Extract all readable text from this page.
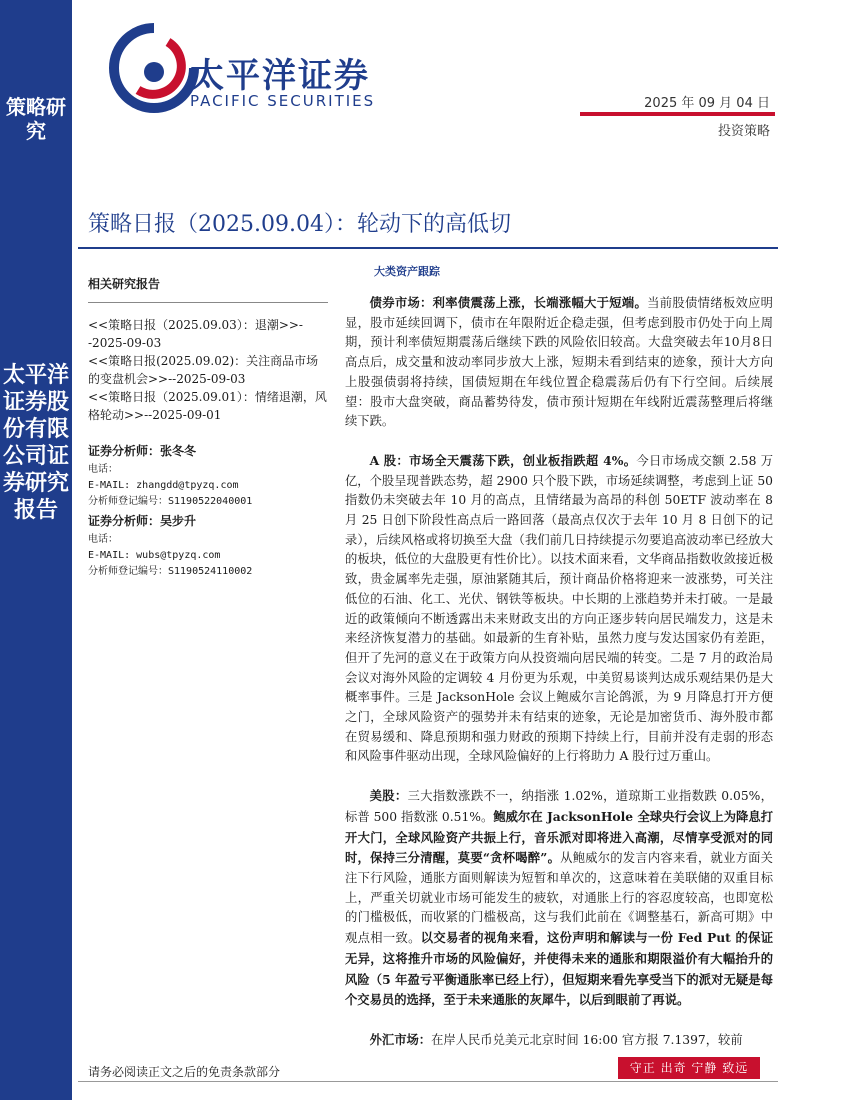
策略研究
太平洋证券股份有限公司证券研究报告
太平洋证券
PACIFIC SECURITIES	2025 年 09 月 04 日
投资策略
策略日报（2025.09.04）：轮动下的高低切
相关研究报告
<<策略日报（2025.09.03）：退潮>>--2025-09-03
<<策略日报(2025.09.02)：关注商品市场的变盘机会>>--2025-09-03
<<策略日报（2025.09.01）：情绪退潮，风格轮动>>--2025-09-01
证券分析师：张冬冬
电话：
E-MAIL: zhangdd@tpyzq.com
分析师登记编号：S1190522040001
证券分析师：吴步升
电话：
E-MAIL: wubs@tpyzq.com
分析师登记编号：S1190524110002
大类资产跟踪

债券市场：利率债震荡上涨，长端涨幅大于短端。当前股债情绪板效应明显，股市延续回调下，债市在年限附近企稳走强，但考虑到股市仍处于向上周期，预计利率债短期震荡后继续下跌的风险依旧较高。大盘突破去年10月8日高点后，成交量和波动率同步放大上涨，短期未看到结束的迹象，预计大方向上股强债弱将持续，国债短期在年线位置企稳震荡后仍有下行空间。后续展望：股市大盘突破，商品蓄势待发，债市预计短期在年线附近震荡整理后将继续下跌。

A 股：市场全天震荡下跌，创业板指跌超 4%。今日市场成交额 2.58 万亿，个股呈现普跌态势，超 2900 只个股下跌，市场延续调整，考虑到上证 50 指数仍未突破去年 10 月的高点，且情绪最为高昂的科创 50ETF 波动率在 8 月 25 日创下阶段性高点后一路回落（最高点仅次于去年 10 月 8 日创下的记录），后续风格或将切换至大盘（我们前几日持续提示勿要追高波动率已经放大的板块，低位的大盘股更有性价比）。以技术面来看，文华商品指数收敛接近极致，贵金属率先走强，原油紧随其后，预计商品价格将迎来一波涨势，可关注低位的石油、化工、光伏、钢铁等板块。中长期的上涨趋势并未打破。一是最近的政策倾向不断透露出未来财政支出的方向正逐步转向居民端发力，这是未来经济恢复潜力的基础。如最新的生育补贴，虽然力度与发达国家仍有差距，但开了先河的意义在于政策方向从投资端向居民端的转变。二是 7 月的政治局会议对海外风险的定调较 4 月份更为乐观，中美贸易谈判达成乐观结果仍是大概率事件。三是 JacksonHole 会议上鲍威尔言论鸽派，为 9 月降息打开方便之门，全球风险资产的强势并未有结束的迹象，无论是加密货币、海外股市都在贸易缓和、降息预期和强力财政的预期下持续上行，目前并没有走弱的形态和风险事件驱动出现，全球风险偏好的上行将助力 A 股行过万重山。

美股：三大指数涨跌不一，纳指涨 1.02%，道琼斯工业指数跌 0.05%，标普 500 指数涨 0.51%。鲍威尔在 JacksonHole 全球央行会议上为降息打开大门，全球风险资产共振上行，音乐派对即将进入高潮，尽情享受派对的同时，保持三分清醒，莫要“贪杯喝醉”。从鲍威尔的发言内容来看，就业方面关注下行风险，通胀方面则解读为短暂和单次的，这意味着在美联储的双重目标上，严重关切就业市场可能发生的疲软，对通胀上行的容忍度较高，也即宽松的门槛极低，而收紧的门槛极高，这与我们此前在《调整基石，新高可期》中观点相一致。以交易者的视角来看，这份声明和解读与一份 Fed Put 的保证无异，这将推升市场的风险偏好，并使得未来的通胀和期限溢价有大幅抬升的风险（5 年盈亏平衡通胀率已经上行），但短期来看先享受当下的派对无疑是每个交易员的选择，至于未来通胀的灰犀牛，以后到眼前了再说。

外汇市场：在岸人民币兑美元北京时间 16:00 官方报 7.1397，较前

请务必阅读正文之后的免责条款部分	守正 出奇 宁静 致远
